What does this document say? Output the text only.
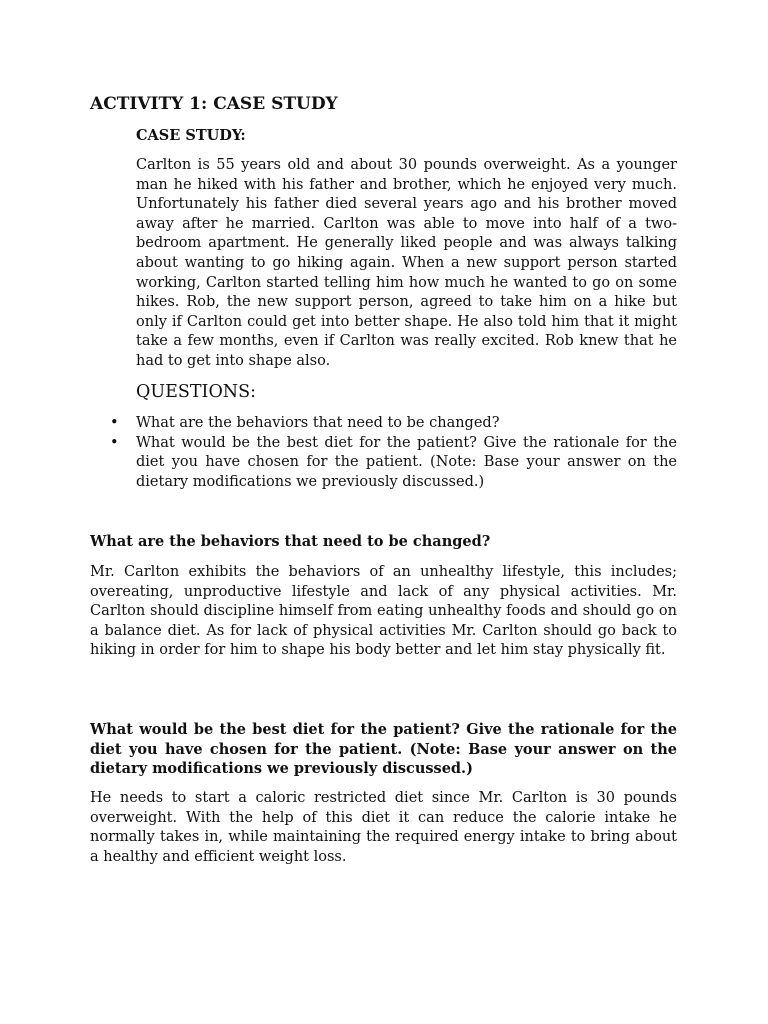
ACTIVITY 1: CASE STUDY
CASE STUDY:

Carlton is 55 years old and about 30 pounds overweight. As a younger man he hiked with his father and brother, which he enjoyed very much. Unfortunately his father died several years ago and his brother moved away after he married. Carlton was able to move into half of a two-bedroom apartment. He generally liked people and was always talking about wanting to go hiking again. When a new support person started working, Carlton started telling him how much he wanted to go on some hikes. Rob, the new support person, agreed to take him on a hike but only if Carlton could get into better shape. He also told him that it might take a few months, even if Carlton was really excited. Rob knew that he had to get into shape also.

QUESTIONS:
• What are the behaviors that need to be changed?

• What would be the best diet for the patient? Give the rationale for the diet you have chosen for the patient. (Note: Base your answer on the dietary modifications we previously discussed.)

What are the behaviors that need to be changed?

Mr. Carlton exhibits the behaviors of an unhealthy lifestyle, this includes; overeating, unproductive lifestyle and lack of any physical activities. Mr. Carlton should discipline himself from eating unhealthy foods and should go on a balance diet. As for lack of physical activities Mr. Carlton should go back to hiking in order for him to shape his body better and let him stay physically fit.

What would be the best diet for the patient? Give the rationale for the diet you have chosen for the patient. (Note: Base your answer on the dietary modifications we previously discussed.)

He needs to start a caloric restricted diet since Mr. Carlton is 30 pounds overweight. With the help of this diet it can reduce the calorie intake he normally takes in, while maintaining the required energy intake to bring about a healthy and efficient weight loss.
